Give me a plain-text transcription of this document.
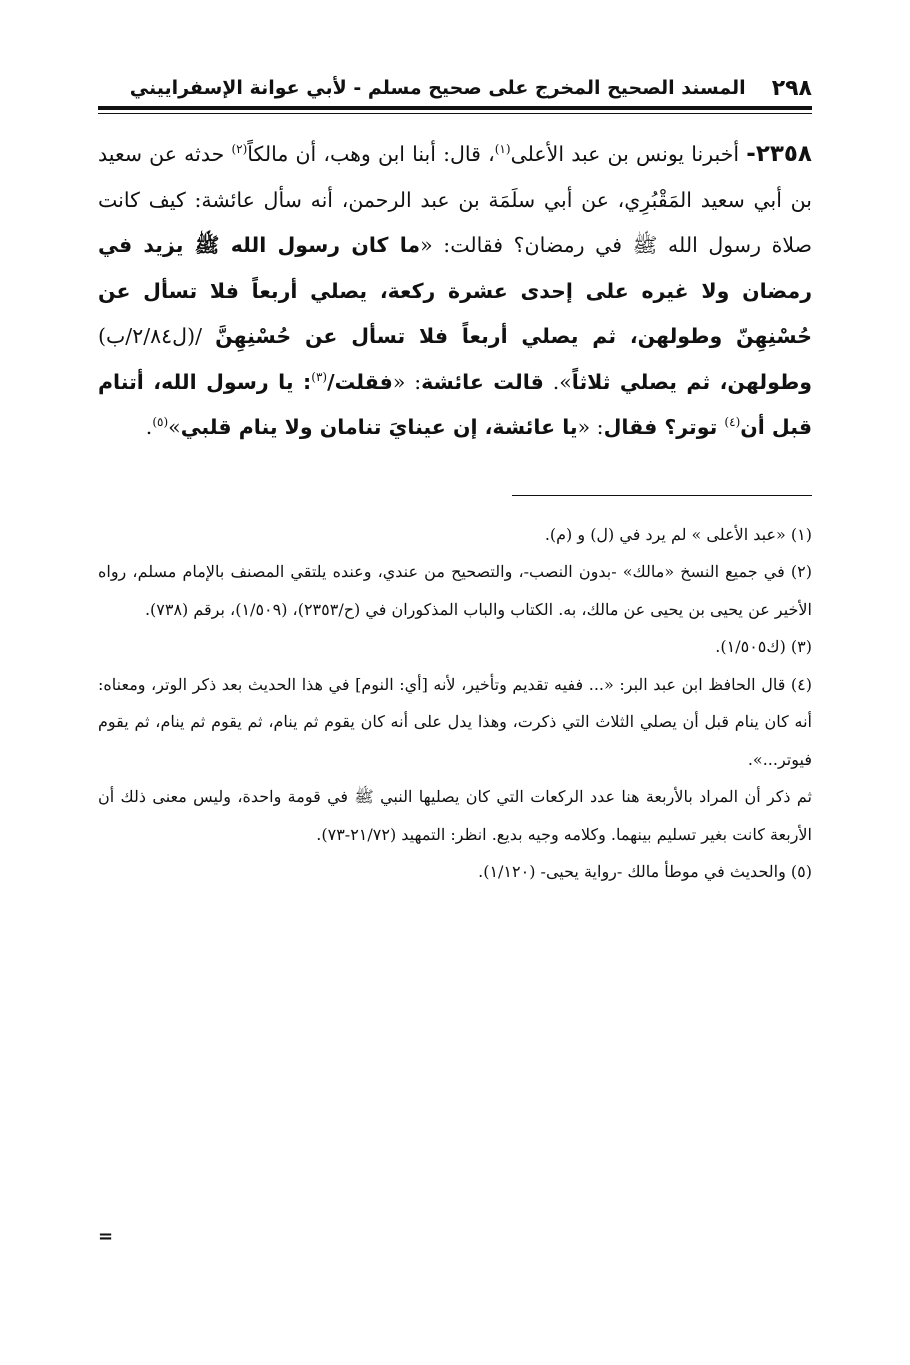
٢٩٨
المسند الصحيح المخرج على صحيح مسلم - لأبي عوانة الإسفراييني
٢٣٥٨- أخبرنا يونس بن عبد الأعلى$^{(١)}$، قال: أبنا ابن وهب، أن مالكاً$^{(٢)}$ حدثه عن سعيد بن أبي سعيد المَقْبُرِي، عن أبي سلَمَة بن عبد الرحمن، أنه سأل عائشة: كيف كانت صلاة رسول الله ﷺ في رمضان؟ فقالت: «ما كان رسول الله ﷺ يزيد في رمضان ولا غيره على إحدى عشرة ركعة، يصلي أربعاً فلا تسأل عن حُسْنِهِنّ وطولهن، ثم يصلي أربعاً فلا تسأل عن حُسْنِهِنَّ /(ل٢/٨٤/ب) وطولهن، ثم يصلي ثلاثاً». قالت عائشة: «فقلت/$^{(٣)}$: يا رسول الله، أتنام قبل أن$^{(٤)}$ توتر؟ فقال: «يا عائشة، إن عينايَ تنامان ولا ينام قلبي»$^{(٥)}$.

(١) «عبد الأعلى » لم يرد في (ل) و (م).

(٢) في جميع النسخ «مالك» -بدون النصب-، والتصحيح من عندي، وعنده يلتقي المصنف بالإمام مسلم، رواه الأخير عن يحيى بن يحيى عن مالك، به. الكتاب والباب المذكوران في (ح/٢٣٥٣)، (١/٥٠٩)، برقم (٧٣٨).

(٣) (ك١/٥٠٥).

(٤) قال الحافظ ابن عبد البر: «... ففيه تقديم وتأخير، لأنه [أي: النوم] في هذا الحديث بعد ذكر الوتر، ومعناه: أنه كان ينام قبل أن يصلي الثلاث التي ذكرت، وهذا يدل على أنه كان يقوم ثم ينام، ثم يقوم ثم ينام، ثم يقوم فيوتر...».

ثم ذكر أن المراد بالأربعة هنا عدد الركعات التي كان يصليها النبي ﷺ في قومة واحدة، وليس معنى ذلك أن الأربعة كانت بغير تسليم بينهما. وكلامه وجيه بديع. انظر: التمهيد (٢١/٧٢-٧٣).

(٥) والحديث في موطأ مالك -رواية يحيى- (١/١٢٠).

=
